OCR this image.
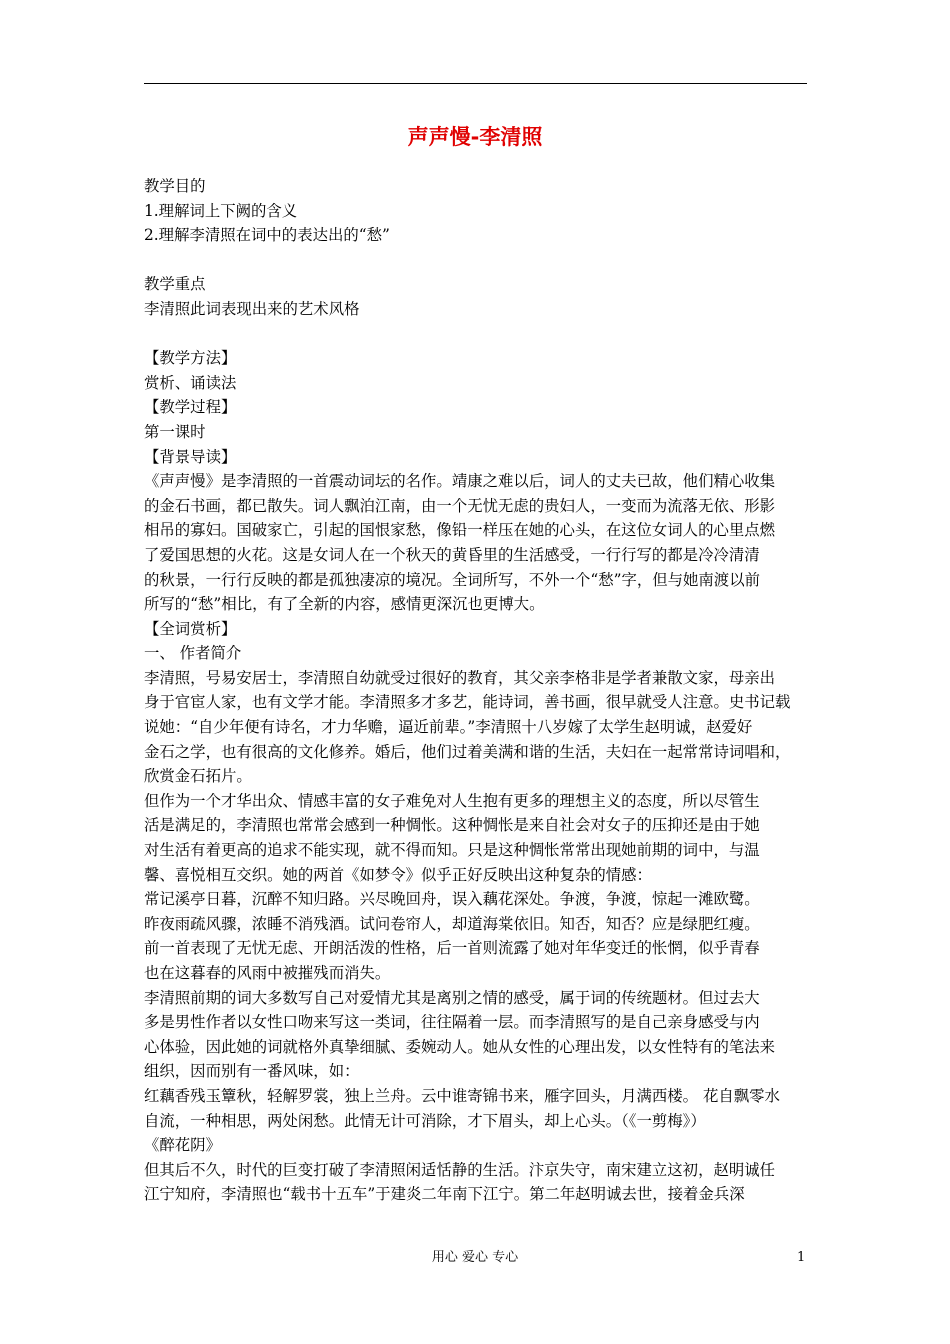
声声慢-李清照
教学目的
1.理解词上下阙的含义
2.理解李清照在词中的表达出的“愁”
教学重点
李清照此词表现出来的艺术风格
【教学方法】
赏析、诵读法
【教学过程】
第一课时
【背景导读】
《声声慢》是李清照的一首震动词坛的名作。靖康之难以后，词人的丈夫已故，他们精心收集
的金石书画，都已散失。词人飘泊江南，由一个无忧无虑的贵妇人，一变而为流落无依、形影
相吊的寡妇。国破家亡，引起的国恨家愁，像铅一样压在她的心头，在这位女词人的心里点燃
了爱国思想的火花。这是女词人在一个秋天的黄昏里的生活感受，一行行写的都是冷冷清清
的秋景，一行行反映的都是孤独凄凉的境况。全词所写，不外一个“愁”字，但与她南渡以前
所写的“愁”相比，有了全新的内容，感情更深沉也更博大。
【全词赏析】
一、 作者简介
李清照，号易安居士，李清照自幼就受过很好的教育，其父亲李格非是学者兼散文家，母亲出
身于官宦人家，也有文学才能。李清照多才多艺，能诗词，善书画，很早就受人注意。史书记载
说她：“自少年便有诗名，才力华赡，逼近前辈。”李清照十八岁嫁了太学生赵明诚，赵爱好
金石之学，也有很高的文化修养。婚后，他们过着美满和谐的生活，夫妇在一起常常诗词唱和，
欣赏金石拓片。
但作为一个才华出众、情感丰富的女子难免对人生抱有更多的理想主义的态度，所以尽管生
活是满足的，李清照也常常会感到一种惆怅。这种惆怅是来自社会对女子的压抑还是由于她
对生活有着更高的追求不能实现，就不得而知。只是这种惆怅常常出现她前期的词中，与温
馨、喜悦相互交织。她的两首《如梦令》似乎正好反映出这种复杂的情感：
常记溪亭日暮，沉醉不知归路。兴尽晚回舟，误入藕花深处。争渡，争渡，惊起一滩欧鹭。
昨夜雨疏风骤，浓睡不消残酒。试问卷帘人，却道海棠依旧。知否，知否？应是绿肥红瘦。
前一首表现了无忧无虑、开朗活泼的性格，后一首则流露了她对年华变迁的怅惘，似乎青春
也在这暮春的风雨中被摧残而消失。
李清照前期的词大多数写自己对爱情尤其是离别之情的感受，属于词的传统题材。但过去大
多是男性作者以女性口吻来写这一类词，往往隔着一层。而李清照写的是自己亲身感受与内
心体验，因此她的词就格外真挚细腻、委婉动人。她从女性的心理出发，以女性特有的笔法来
组织，因而别有一番风味，如：
红藕香残玉簟秋，轻解罗裳，独上兰舟。云中谁寄锦书来，雁字回头，月满西楼。 花自飘零水
自流，一种相思，两处闲愁。此情无计可消除，才下眉头，却上心头。（《一剪梅》）
《醉花阴》
但其后不久，时代的巨变打破了李清照闲适恬静的生活。汴京失守，南宋建立这初，赵明诚任
江宁知府，李清照也“载书十五车”于建炎二年南下江宁。第二年赵明诚去世，接着金兵深
用心 爱心 专心	1
